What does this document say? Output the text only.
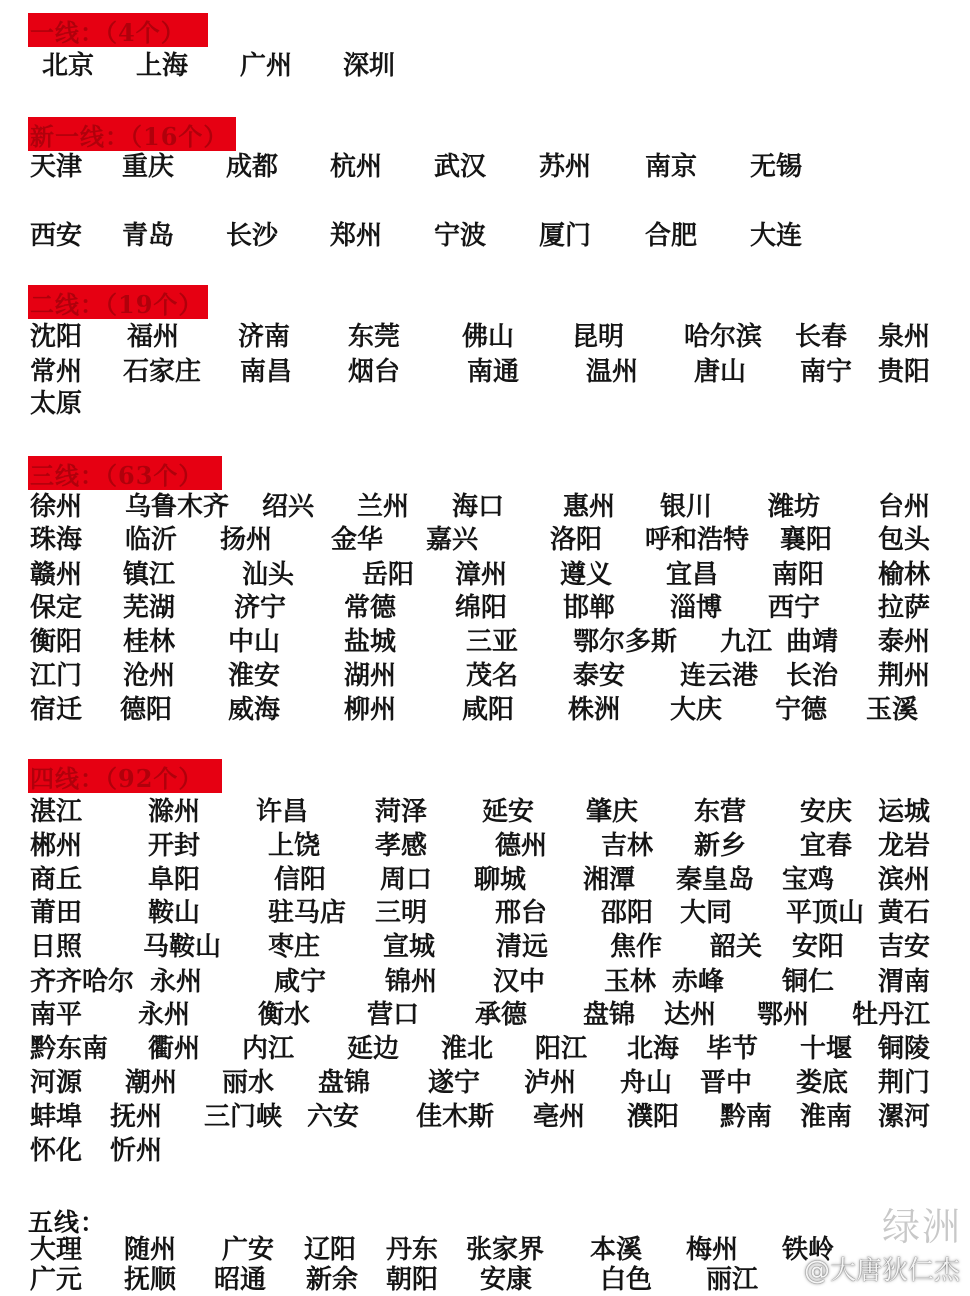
一线：（4个）
北京 上海 广州 深圳
新一线：（16个）
天津 重庆 成都 杭州 武汉 苏州 南京 无锡
西安 青岛 长沙 郑州 宁波 厦门 合肥 大连
二线：（19个）
沈阳 福州 济南 东莞 佛山 昆明 哈尔滨 长春 泉州
常州 石家庄 南昌 烟台	南通	温州 唐山 南宁 贵阳
太原
三线：（63个）
徐州 乌鲁木齐 绍兴 兰州 海口 惠州 银川 潍坊 台州
珠海 临沂 扬州 金华 嘉兴	洛阳 呼和浩特 襄阳 包头
赣州 镇江	汕头	岳阳 漳州 遵义 宜昌 南阳 榆林
保定 芜湖 济宁 常德 绵阳 邯郸 淄博 西宁 拉萨
衡阳 桂林 中山 盐城	三亚 鄂尔多斯 九江 曲靖 泰州
江门 沧州 淮安 湖州	茂名 泰安 连云港 长治 荆州
宿迁 德阳 威海 柳州	咸阳 株洲 大庆 宁德 玉溪
四线：（92个）
湛江	滁州 许昌	菏泽 延安 肇庆 东营 安庆 运城
郴州	开封	上饶 孝感	德州 吉林 新乡 宜春 龙岩
商丘	阜阳	信阳 周口 聊城 湘潭 秦皇岛 宝鸡 滨州
莆田	鞍山	驻马店 三明	邢台 邵阳 大同 平顶山 黄石
日照 马鞍山 枣庄 宣城 清远 焦作 韶关 安阳 吉安
齐齐哈尔 永州	咸宁 锦州 汉中 玉林 赤峰 铜仁 渭南
南平 永州	衡水 营口 承德 盘锦 达州 鄂州 牡丹江
黔东南 衢州 内江 延边 淮北 阳江 北海 毕节 十堰 铜陵
河源 潮州 丽水 盘锦 遂宁 泸州 舟山 晋中 娄底 荆门
蚌埠 抚州 三门峡 六安 佳木斯 亳州 濮阳 黔南 淮南 漯河
怀化 忻州
五线：
大理 随州 广安 辽阳 丹东 张家界 本溪 梅州 铁岭
广元 抚顺 昭通 新余 朝阳 安康	白色 丽江
绿洲
@大唐狄仁杰
